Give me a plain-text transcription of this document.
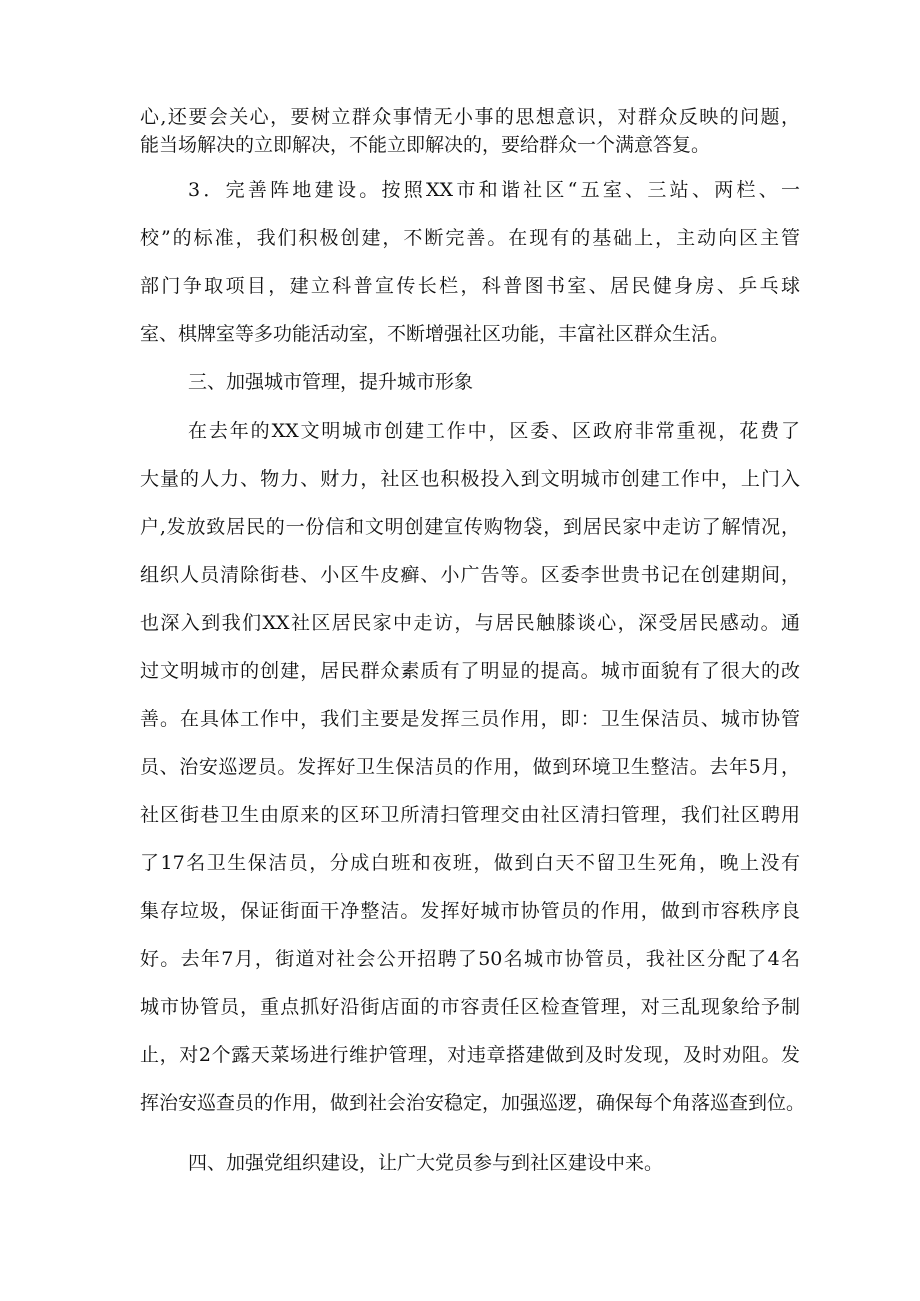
心,还要会关心，要树立群众事情无小事的思想意识，对群众反映的问题，
能当场解决的立即解决，不能立即解决的，要给群众一个满意答复。
3．完善阵地建设。按照XX市和谐社区“五室、三站、两栏、一
校”的标准，我们积极创建，不断完善。在现有的基础上，主动向区主管
部门争取项目，建立科普宣传长栏，科普图书室、居民健身房、乒乓球
室、棋牌室等多功能活动室，不断增强社区功能，丰富社区群众生活。
三、加强城市管理，提升城市形象
在去年的XX文明城市创建工作中，区委、区政府非常重视，花费了
大量的人力、物力、财力，社区也积极投入到文明城市创建工作中，上门入
户,发放致居民的一份信和文明创建宣传购物袋，到居民家中走访了解情况，
组织人员清除街巷、小区牛皮癣、小广告等。区委李世贵书记在创建期间，
也深入到我们XX社区居民家中走访，与居民触膝谈心，深受居民感动。通
过文明城市的创建，居民群众素质有了明显的提高。城市面貌有了很大的改
善。在具体工作中，我们主要是发挥三员作用，即：卫生保洁员、城市协管
员、治安巡逻员。发挥好卫生保洁员的作用，做到环境卫生整洁。去年5月，
社区街巷卫生由原来的区环卫所清扫管理交由社区清扫管理，我们社区聘用
了17名卫生保洁员，分成白班和夜班，做到白天不留卫生死角，晚上没有
集存垃圾，保证街面干净整洁。发挥好城市协管员的作用，做到市容秩序良
好。去年7月，街道对社会公开招聘了50名城市协管员，我社区分配了4名
城市协管员，重点抓好沿街店面的市容责任区检查管理，对三乱现象给予制
止，对2个露天菜场进行维护管理，对违章搭建做到及时发现，及时劝阻。发
挥治安巡查员的作用，做到社会治安稳定，加强巡逻，确保每个角落巡查到位。
四、加强党组织建设，让广大党员参与到社区建设中来。
